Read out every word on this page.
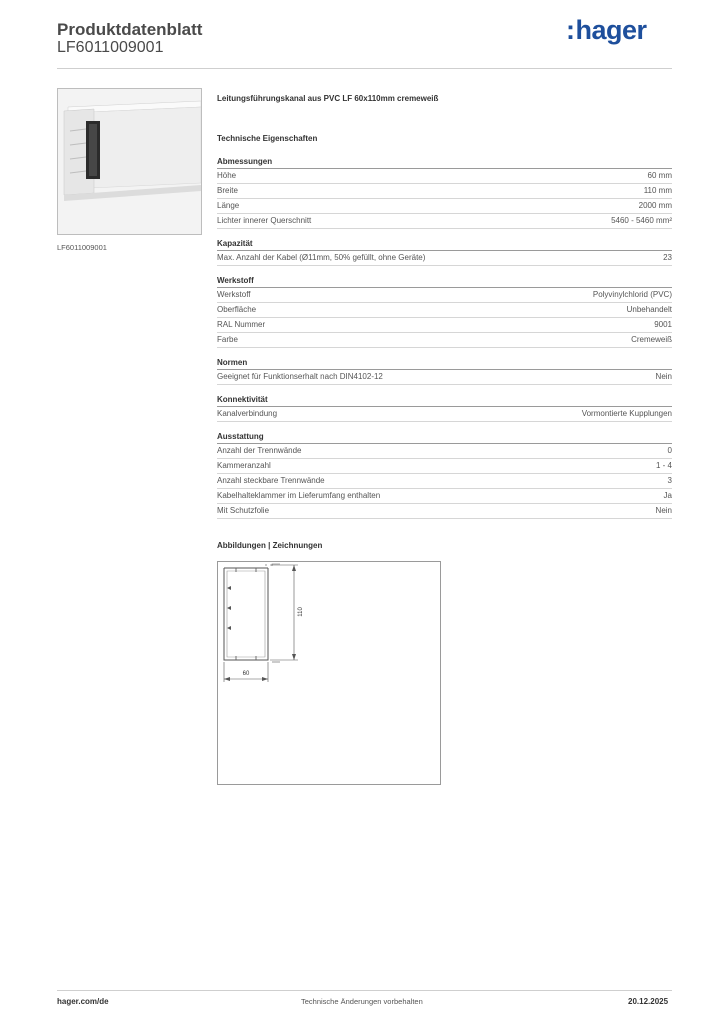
Produktdatenblatt
LF6011009001
:hager
LF6011009001
Leitungsführungskanal aus PVC LF 60x110mm cremeweiß
Technische Eigenschaften
Abmessungen
Höhe	60 mm
Breite	110 mm
Länge	2000 mm
Lichter innerer Querschnitt	5460 - 5460 mm²
Kapazität
Max. Anzahl der Kabel (Ø11mm, 50% gefüllt, ohne Geräte)	23
Werkstoff
Werkstoff	Polyvinylchlorid (PVC)
Oberfläche	Unbehandelt
RAL Nummer	9001
Farbe	Cremeweiß
Normen
Geeignet für Funktionserhalt nach DIN4102-12	Nein
Konnektivität
Kanalverbindung	Vormontierte Kupplungen
Ausstattung
Anzahl der Trennwände	0
Kammeranzahl	1 - 4
Anzahl steckbare Trennwände	3
Kabelhalteklammer im Lieferumfang enthalten	Ja
Mit Schutzfolie	Nein
Abbildungen | Zeichnungen
60
110
hager.com/de	Technische Änderungen vorbehalten	20.12.2025
